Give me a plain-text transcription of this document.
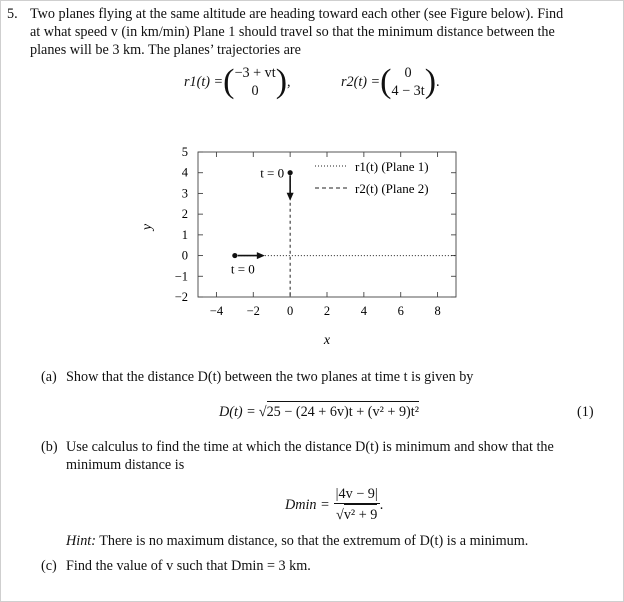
5. Two planes flying at the same altitude are heading toward each other (see Figure below). Find
at what speed v (in km/min) Plane 1 should travel so that the minimum distance between the
planes will be 3 km. The planes’ trajectories are
r1(t) = ( −3 + vt
0 ) ,	r2(t) = ( 0
4 − 3t ) .
−4 −2 0 2 4 6 8
5
4
3
2
1
0
−1
−2
t = 0
t = 0
x
y
r1(t) (Plane 1)
r2(t) (Plane 2)
(a) Show that the distance D(t) between the two planes at time t is given by
D(t) = √ 25 − (24 + 6v)t + (v² + 9)t²	(1)
(b) Use calculus to find the time at which the distance D(t) is minimum and show that the
minimum distance is
$Dmin = \frac{|4v - 9|}{\text{√ v² + 9}}$ .
Hint: There is no maximum distance, so that the extremum of D(t) is a minimum.
(c) Find the value of v such that Dmin = 3 km.
